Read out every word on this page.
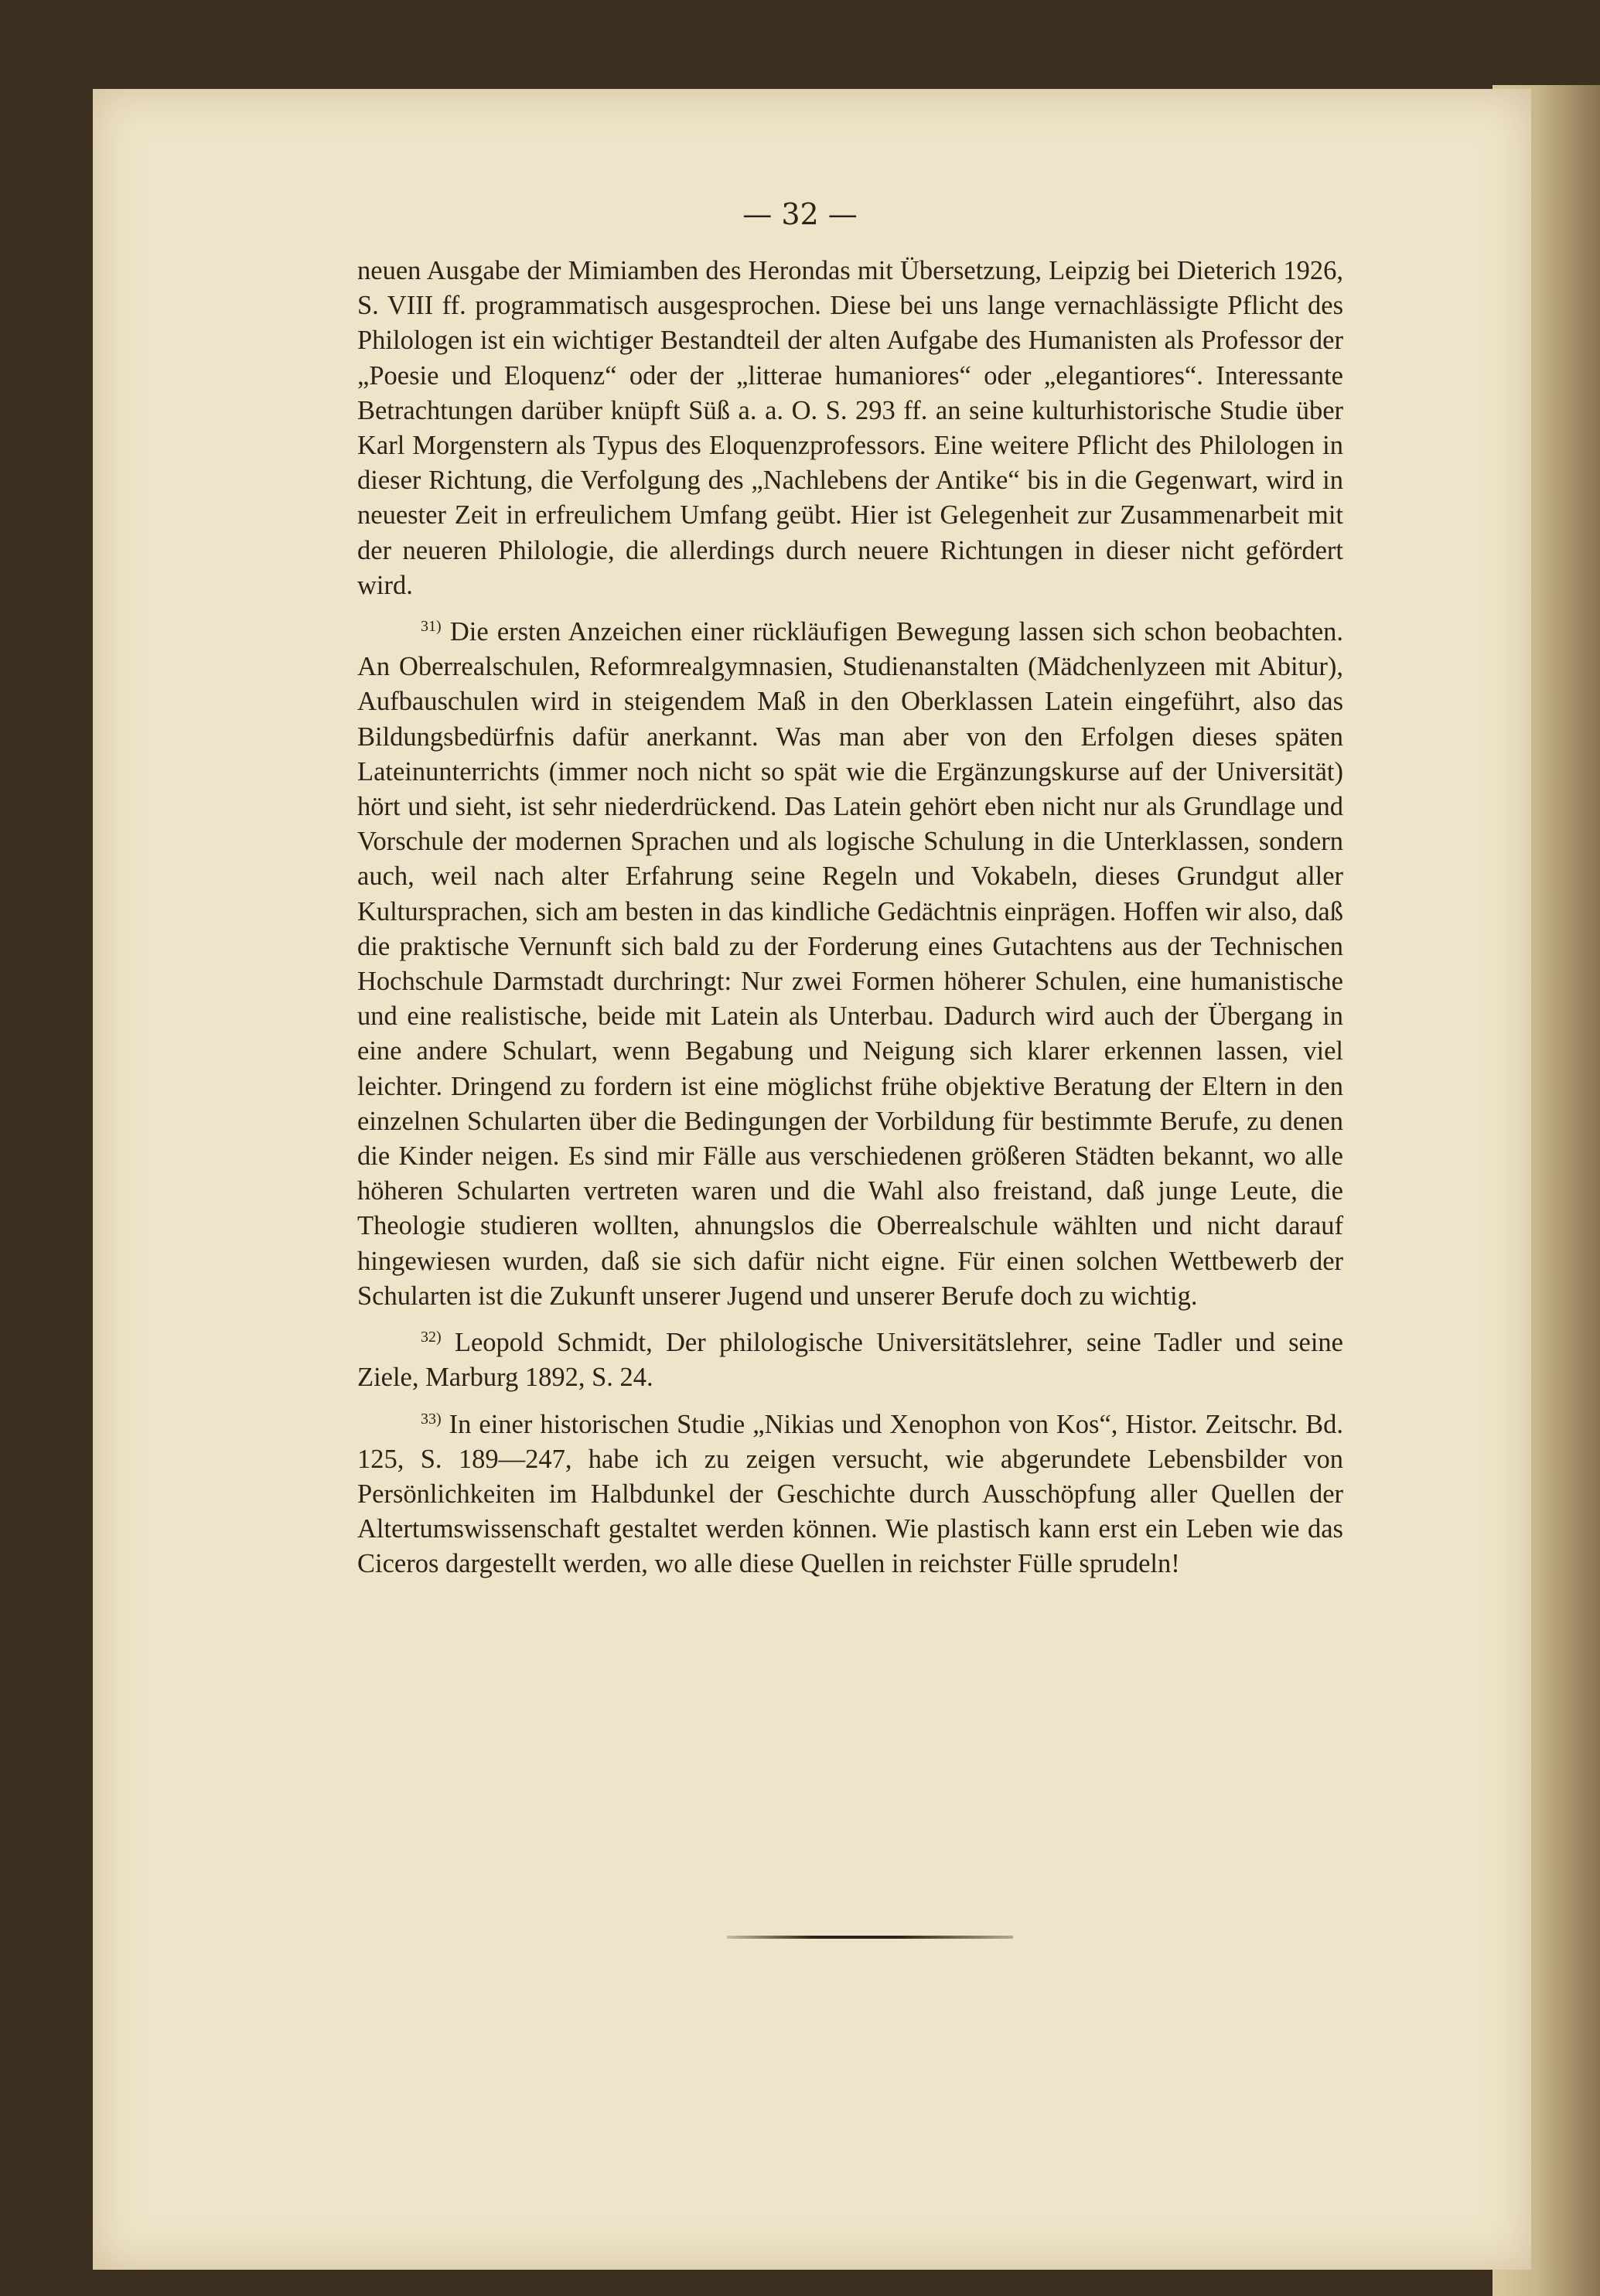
— 32 —

neuen Ausgabe der Mimiamben des Herondas mit Übersetzung, Leipzig bei Dieterich 1926, S. VIII ff. programmatisch ausgesprochen. Diese bei uns lange vernachlässigte Pflicht des Philologen ist ein wichtiger Bestandteil der alten Aufgabe des Humanisten als Professor der „Poesie und Eloquenz“ oder der „litterae humaniores“ oder „elegantiores“. Interessante Betrachtungen darüber knüpft Süß a. a. O. S. 293 ff. an seine kulturhistorische Studie über Karl Morgenstern als Typus des Eloquenzprofessors. Eine weitere Pflicht des Philologen in dieser Richtung, die Verfolgung des „Nachlebens der Antike“ bis in die Gegenwart, wird in neuester Zeit in erfreulichem Umfang geübt. Hier ist Gelegenheit zur Zusammenarbeit mit der neueren Philologie, die allerdings durch neuere Richtungen in dieser nicht gefördert wird.

$^{31)}$ Die ersten Anzeichen einer rückläufigen Bewegung lassen sich schon beobachten. An Oberrealschulen, Reformrealgymnasien, Studienanstalten (Mädchenlyzeen mit Abitur), Aufbauschulen wird in steigendem Maß in den Oberklassen Latein eingeführt, also das Bildungsbedürfnis dafür anerkannt. Was man aber von den Erfolgen dieses späten Lateinunterrichts (immer noch nicht so spät wie die Ergänzungskurse auf der Universität) hört und sieht, ist sehr niederdrückend. Das Latein gehört eben nicht nur als Grundlage und Vorschule der modernen Sprachen und als logische Schulung in die Unterklassen, sondern auch, weil nach alter Erfahrung seine Regeln und Vokabeln, dieses Grundgut aller Kultursprachen, sich am besten in das kindliche Gedächtnis einprägen. Hoffen wir also, daß die praktische Vernunft sich bald zu der Forderung eines Gutachtens aus der Technischen Hochschule Darmstadt durchringt: Nur zwei Formen höherer Schulen, eine humanistische und eine realistische, beide mit Latein als Unterbau. Dadurch wird auch der Übergang in eine andere Schulart, wenn Begabung und Neigung sich klarer erkennen lassen, viel leichter. Dringend zu fordern ist eine möglichst frühe objektive Beratung der Eltern in den einzelnen Schularten über die Bedingungen der Vorbildung für bestimmte Berufe, zu denen die Kinder neigen. Es sind mir Fälle aus verschiedenen größeren Städten bekannt, wo alle höheren Schularten vertreten waren und die Wahl also freistand, daß junge Leute, die Theologie studieren wollten, ahnungslos die Oberrealschule wählten und nicht darauf hingewiesen wurden, daß sie sich dafür nicht eigne. Für einen solchen Wettbewerb der Schularten ist die Zukunft unserer Jugend und unserer Berufe doch zu wichtig.

$^{32)}$ Leopold Schmidt, Der philologische Universitätslehrer, seine Tadler und seine Ziele, Marburg 1892, S. 24.

$^{33)}$ In einer historischen Studie „Nikias und Xenophon von Kos“, Histor. Zeitschr. Bd. 125, S. 189—247, habe ich zu zeigen versucht, wie abgerundete Lebensbilder von Persönlichkeiten im Halbdunkel der Geschichte durch Ausschöpfung aller Quellen der Altertumswissenschaft gestaltet werden können. Wie plastisch kann erst ein Leben wie das Ciceros dargestellt werden, wo alle diese Quellen in reichster Fülle sprudeln!
